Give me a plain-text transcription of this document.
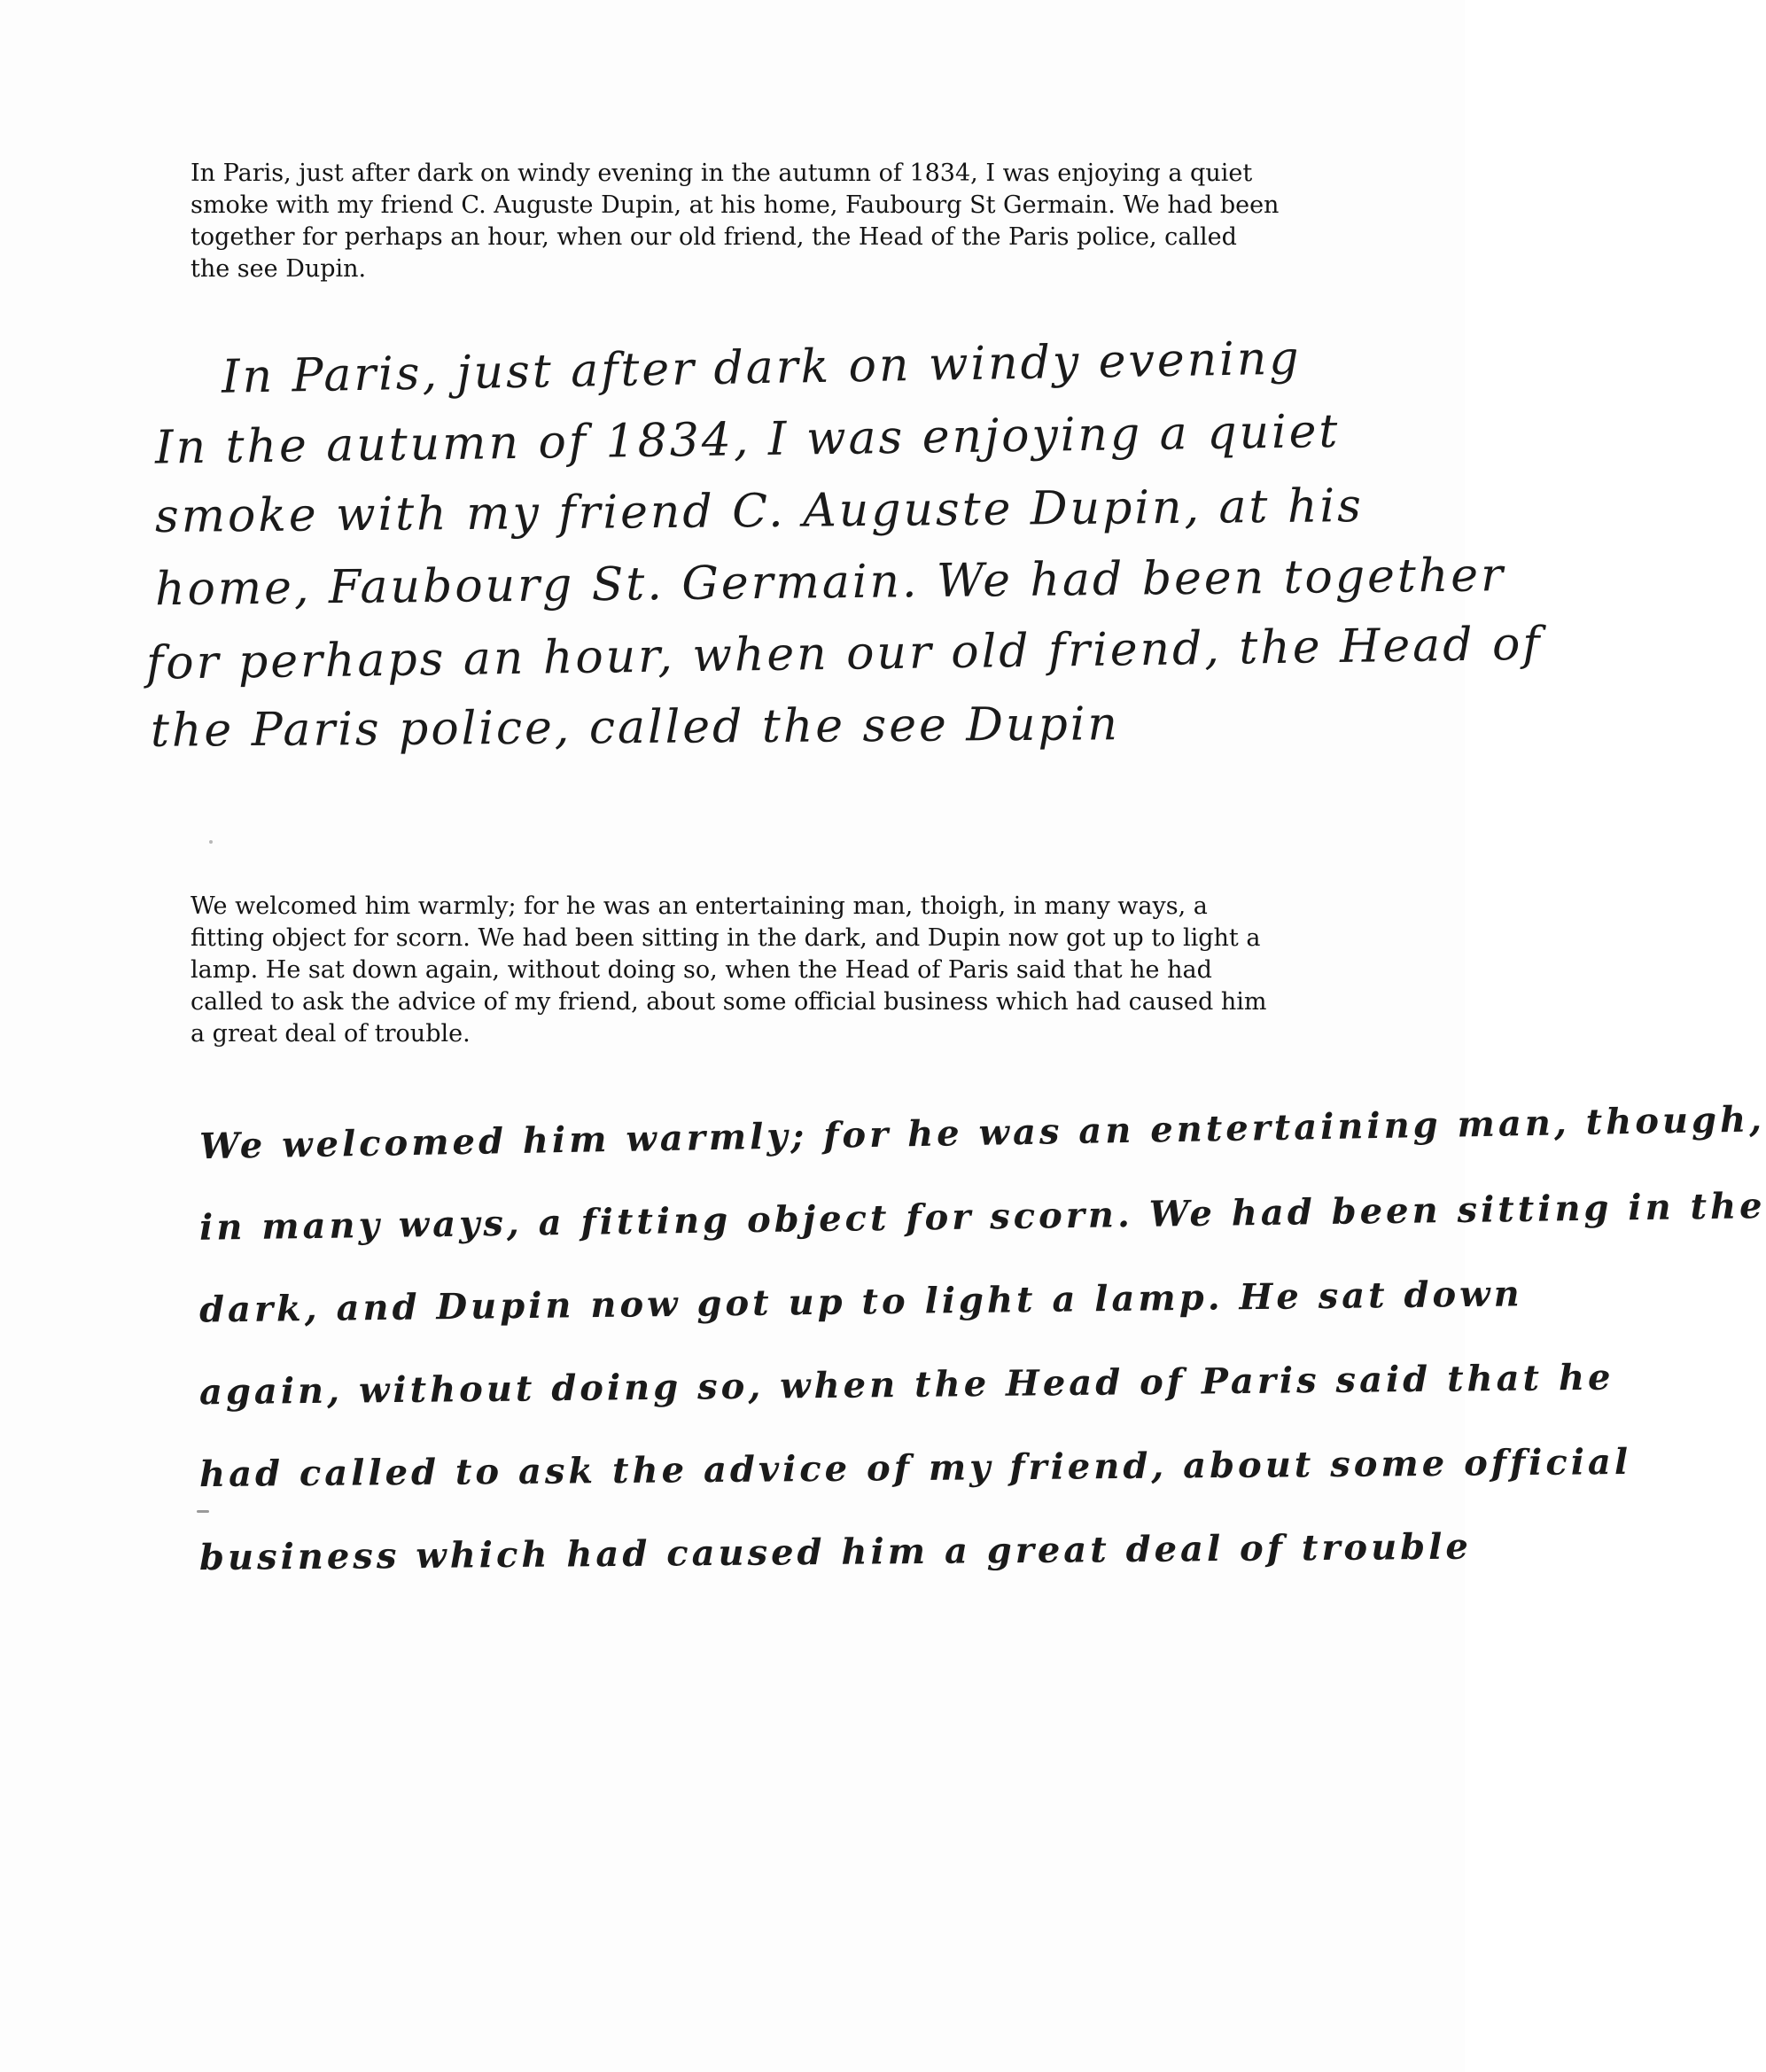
In Paris, just after dark on windy evening in the autumn of 1834, I was enjoying a quiet
smoke with my friend C. Auguste Dupin, at his home, Faubourg St Germain. We had been
together for perhaps an hour, when our old friend, the Head of the Paris police, called
the see Dupin.
In Paris, just after dark on windy evening
In the autumn of 1834, I was enjoying a quiet
smoke with my friend C. Auguste Dupin, at his
home, Faubourg St. Germain. We had been together
for perhaps an hour, when our old friend, the Head of
the Paris police, called the see Dupin
We welcomed him warmly; for he was an entertaining man, thoigh, in many ways, a
fitting object for scorn. We had been sitting in the dark, and Dupin now got up to light a
lamp. He sat down again, without doing so, when the Head of Paris said that he had
called to ask the advice of my friend, about some official business which had caused him
a great deal of trouble.
We welcomed him warmly; for he was an entertaining man, though,
in many ways, a fitting object for scorn. We had been sitting in the
dark, and Dupin now got up to light a lamp. He sat down
again, without doing so, when the Head of Paris said that he
had called to ask the advice of my friend, about some official
business which had caused him a great deal of trouble
